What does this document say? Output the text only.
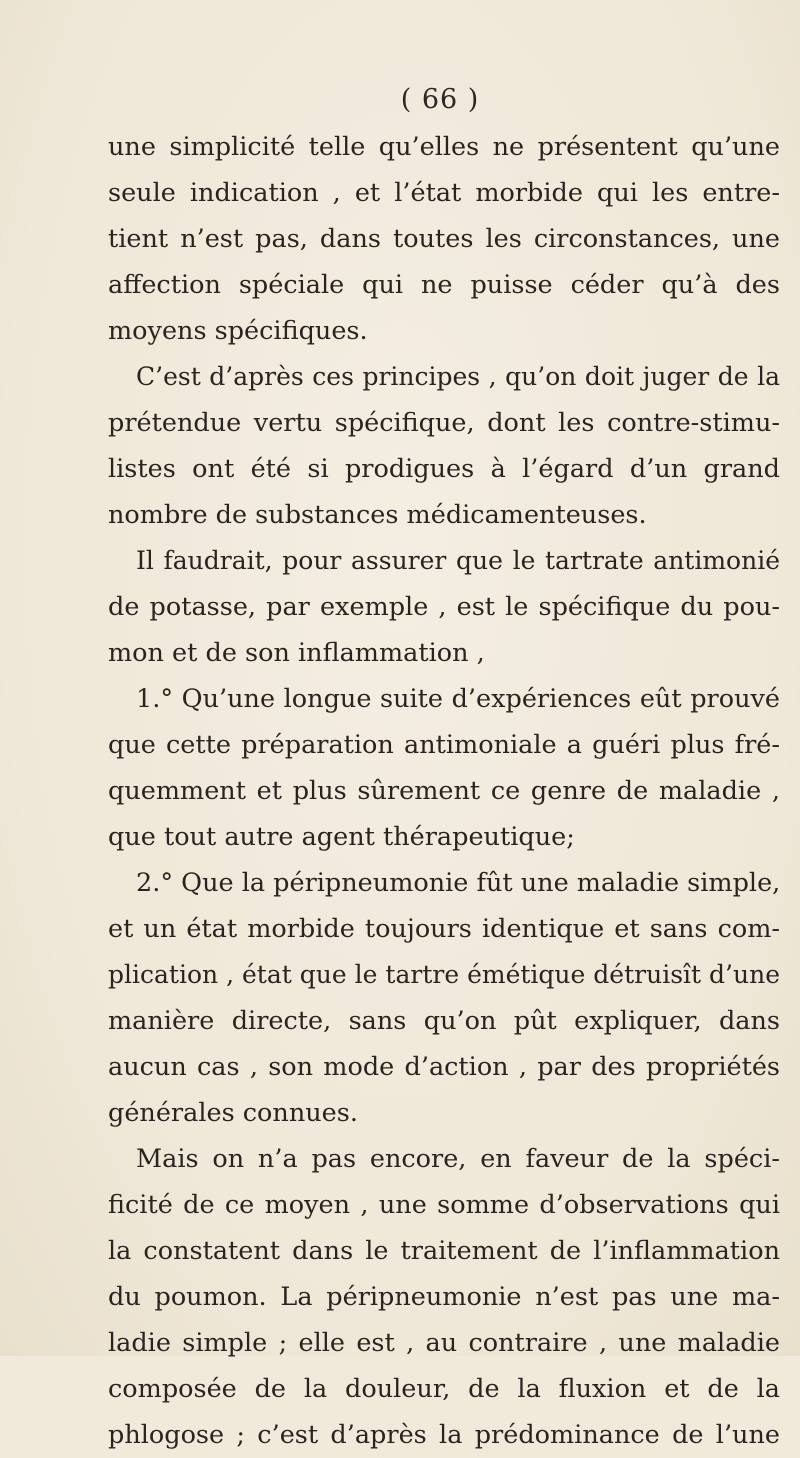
( 66 )
une simplicité telle qu’elles ne présentent qu’une
seule indication , et l’état morbide qui les entre-
tient n’est pas, dans toutes les circonstances, une
affection spéciale qui ne puisse céder qu’à des
moyens spécifiques.
C’est d’après ces principes , qu’on doit juger de la
prétendue vertu spécifique, dont les contre-stimu-
listes ont été si prodigues à l’égard d’un grand
nombre de substances médicamenteuses.
Il faudrait, pour assurer que le tartrate antimonié
de potasse, par exemple , est le spécifique du pou-
mon et de son inflammation ,
1.° Qu’une longue suite d’expériences eût prouvé
que cette préparation antimoniale a guéri plus fré-
quemment et plus sûrement ce genre de maladie ,
que tout autre agent thérapeutique;
2.° Que la péripneumonie fût une maladie simple,
et un état morbide toujours identique et sans com-
plication , état que le tartre émétique détruisît d’une
manière directe, sans qu’on pût expliquer, dans
aucun cas , son mode d’action , par des propriétés
générales connues.
Mais on n’a pas encore, en faveur de la spéci-
ficité de ce moyen , une somme d’observations qui
la constatent dans le traitement de l’inflammation
du poumon. La péripneumonie n’est pas une ma-
ladie simple ; elle est , au contraire , une maladie
composée de la douleur, de la fluxion et de la
phlogose ; c’est d’après la prédominance de l’une
